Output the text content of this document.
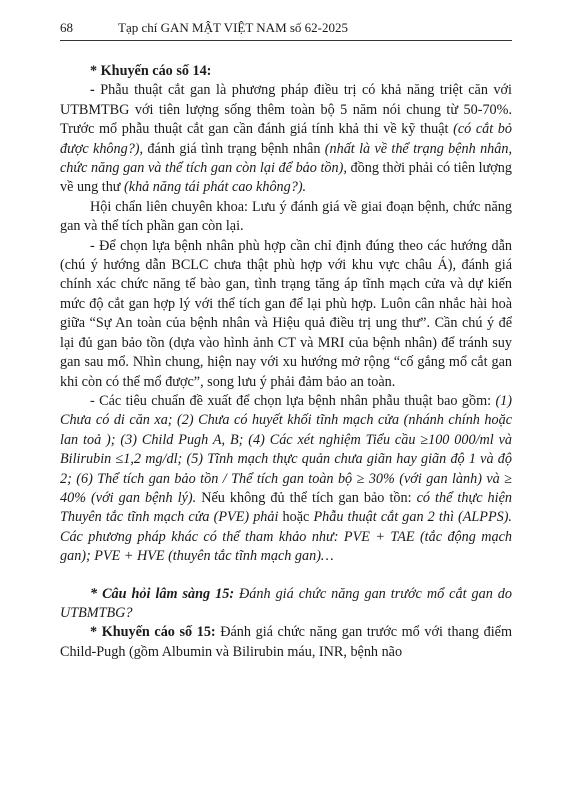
68	Tạp chí GAN MẬT VIỆT NAM số 62-2025

* Khuyến cáo số 14:

- Phẫu thuật cắt gan là phương pháp điều trị có khả năng triệt căn với UTBMTBG với tiên lượng sống thêm toàn bộ 5 năm nói chung từ 50-70%. Trước mổ phẫu thuật cắt gan cần đánh giá tính khả thi về kỹ thuật (có cắt bỏ được không?), đánh giá tình trạng bệnh nhân (nhất là về thể trạng bệnh nhân, chức năng gan và thể tích gan còn lại để bảo tồn), đồng thời phải có tiên lượng về ung thư (khả năng tái phát cao không?).

Hội chẩn liên chuyên khoa: Lưu ý đánh giá về giai đoạn bệnh, chức năng gan và thể tích phần gan còn lại.

- Để chọn lựa bệnh nhân phù hợp cần chỉ định đúng theo các hướng dẫn (chú ý hướng dẫn BCLC chưa thật phù hợp với khu vực châu Á), đánh giá chính xác chức năng tế bào gan, tình trạng tăng áp tĩnh mạch cửa và dự kiến mức độ cắt gan hợp lý với thể tích gan để lại phù hợp. Luôn cân nhắc hài hoà giữa “Sự An toàn của bệnh nhân và Hiệu quả điều trị ung thư”. Cần chú ý để lại đủ gan bảo tồn (dựa vào hình ảnh CT và MRI của bệnh nhân) để tránh suy gan sau mổ. Nhìn chung, hiện nay với xu hướng mở rộng “cố gắng mổ cắt gan khi còn có thể mổ được”, song lưu ý phải đảm bảo an toàn.

- Các tiêu chuẩn đề xuất để chọn lựa bệnh nhân phẫu thuật bao gồm: (1) Chưa có di căn xa; (2) Chưa có huyết khối tĩnh mạch cửa (nhánh chính hoặc lan toả ); (3) Child Pugh A, B; (4) Các xét nghiệm Tiểu cầu ≥100 000/ml và Bilirubin ≤1,2 mg/dl; (5) Tĩnh mạch thực quản chưa giãn hay giãn độ 1 và độ 2; (6) Thể tích gan bảo tồn / Thể tích gan toàn bộ ≥ 30% (với gan lành) và ≥ 40% (với gan bệnh lý). Nếu không đủ thể tích gan bảo tồn: có thể thực hiện Thuyên tắc tĩnh mạch cửa (PVE) phải hoặc Phẫu thuật cắt gan 2 thì (ALPPS). Các phương pháp khác có thể tham khảo như: PVE + TAE (tắc động mạch gan); PVE + HVE (thuyên tắc tĩnh mạch gan)…

* Câu hỏi lâm sàng 15: Đánh giá chức năng gan trước mổ cắt gan do UTBMTBG?

* Khuyến cáo số 15: Đánh giá chức năng gan trước mổ với thang điểm Child-Pugh (gồm Albumin và Bilirubin máu, INR, bệnh não
